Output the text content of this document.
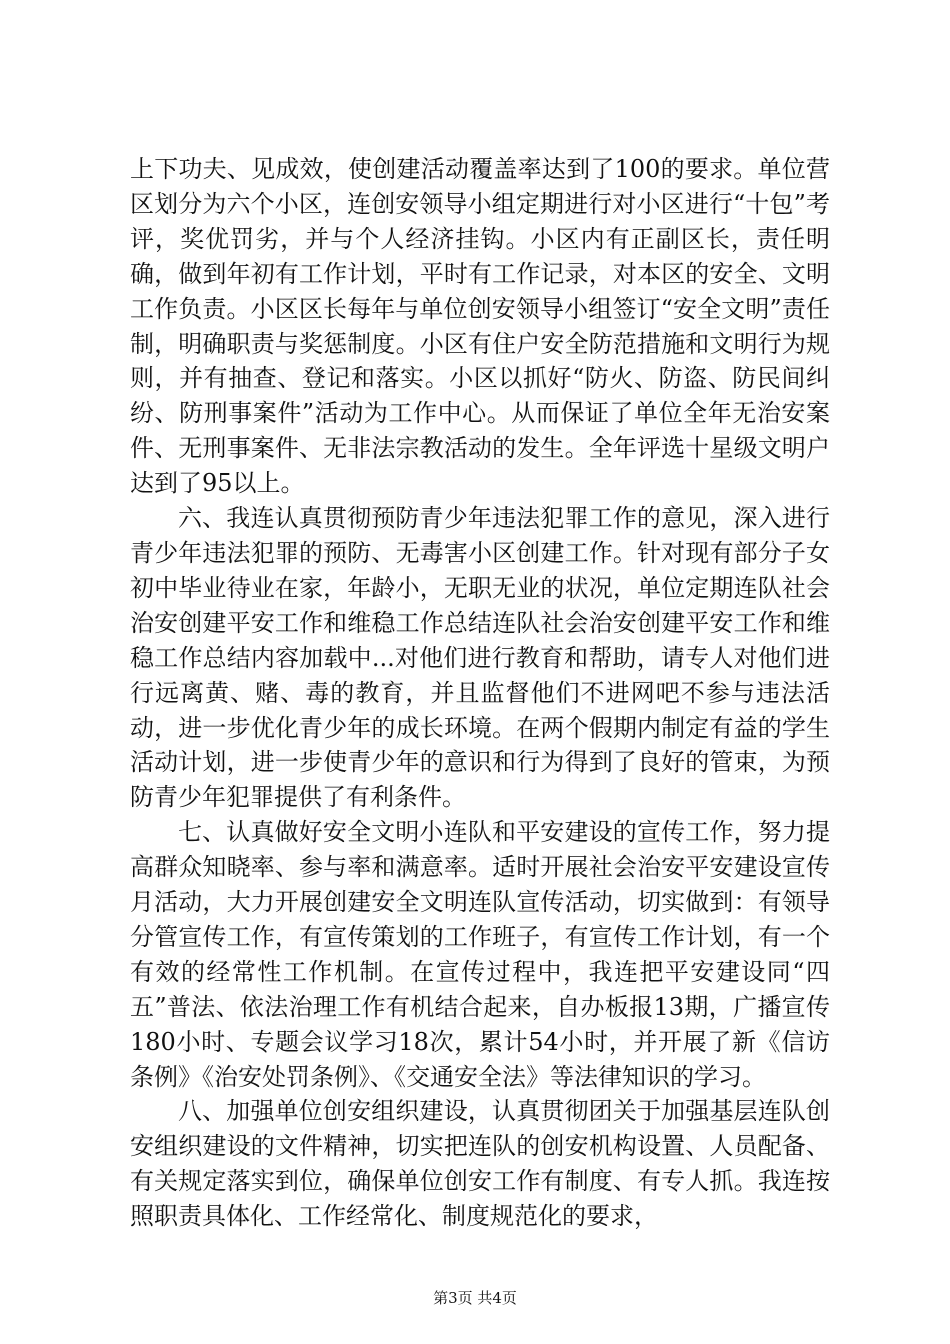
上下功夫、见成效，使创建活动覆盖率达到了100的要求。单位营区划分为六个小区，连创安领导小组定期进行对小区进行“十包”考评，奖优罚劣，并与个人经济挂钩。小区内有正副区长，责任明确，做到年初有工作计划，平时有工作记录，对本区的安全、文明工作负责。小区区长每年与单位创安领导小组签订“安全文明”责任制，明确职责与奖惩制度。小区有住户安全防范措施和文明行为规则，并有抽查、登记和落实。小区以抓好“防火、防盗、防民间纠纷、防刑事案件”活动为工作中心。从而保证了单位全年无治安案件、无刑事案件、无非法宗教活动的发生。全年评选十星级文明户达到了95以上。

六、我连认真贯彻预防青少年违法犯罪工作的意见，深入进行青少年违法犯罪的预防、无毒害小区创建工作。针对现有部分子女初中毕业待业在家，年龄小，无职无业的状况，单位定期连队社会治安创建平安工作和维稳工作总结连队社会治安创建平安工作和维稳工作总结内容加载中...对他们进行教育和帮助，请专人对他们进行远离黄、赌、毒的教育，并且监督他们不进网吧不参与违法活动，进一步优化青少年的成长环境。在两个假期内制定有益的学生活动计划，进一步使青少年的意识和行为得到了良好的管束，为预防青少年犯罪提供了有利条件。

七、认真做好安全文明小连队和平安建设的宣传工作，努力提高群众知晓率、参与率和满意率。适时开展社会治安平安建设宣传月活动，大力开展创建安全文明连队宣传活动，切实做到：有领导分管宣传工作，有宣传策划的工作班子，有宣传工作计划，有一个有效的经常性工作机制。在宣传过程中，我连把平安建设同“四五”普法、依法治理工作有机结合起来，自办板报13期，广播宣传180小时、专题会议学习18次，累计54小时，并开展了新《信访条例》《治安处罚条例》、《交通安全法》等法律知识的学习。

八、加强单位创安组织建设，认真贯彻团关于加强基层连队创安组织建设的文件精神，切实把连队的创安机构设置、人员配备、有关规定落实到位，确保单位创安工作有制度、有专人抓。我连按照职责具体化、工作经常化、制度规范化的要求，

第3页 共4页
